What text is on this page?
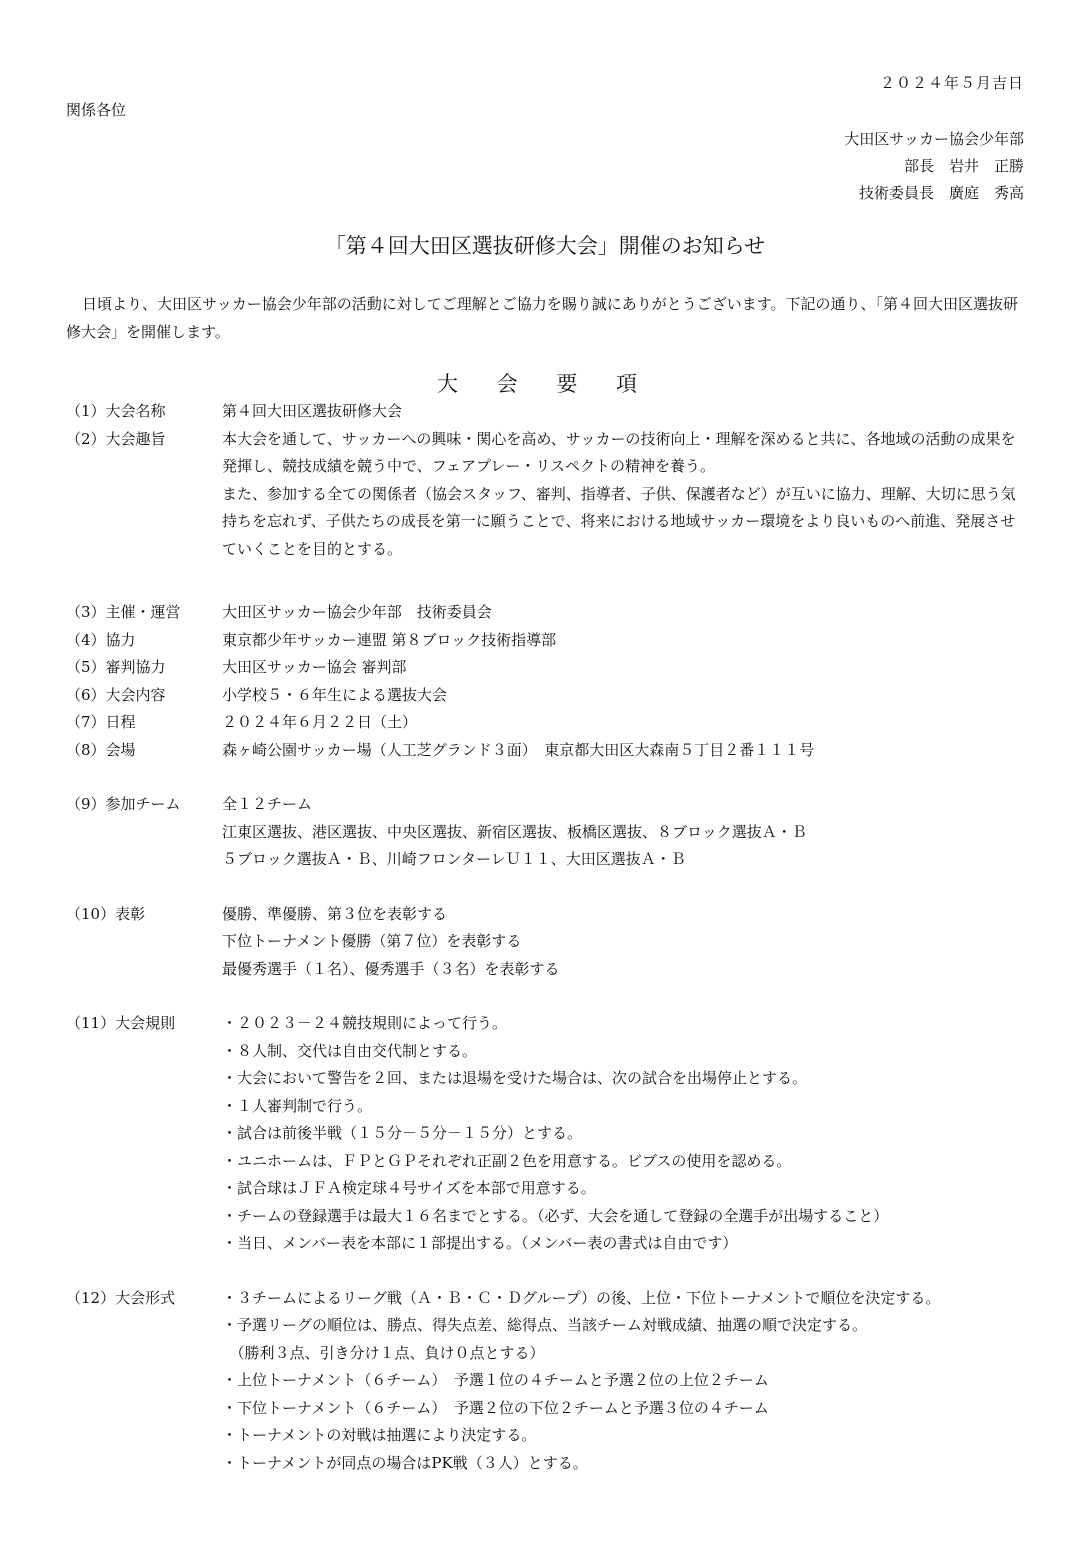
２０２４年５月吉日
関係各位
大田区サッカー協会少年部
部長　岩井　正勝
技術委員長　廣庭　秀高
「第４回大田区選抜研修大会」開催のお知らせ
日頃より、大田区サッカー協会少年部の活動に対してご理解とご協力を賜り誠にありがとうございます。下記の通り、「第４回大田区選抜研修大会」を開催します。
大 会 要 項
（1）大会名称	第４回大田区選抜研修大会
（2）大会趣旨	本大会を通して、サッカーへの興味・関心を高め、サッカーの技術向上・理解を深めると共に、各地域の活動の成果を発揮し、競技成績を競う中で、フェアプレー・リスペクトの精神を養う。
また、参加する全ての関係者（協会スタッフ、審判、指導者、子供、保護者など）が互いに協力、理解、大切に思う気持ちを忘れず、子供たちの成長を第一に願うことで、将来における地域サッカー環境をより良いものへ前進、発展させていくことを目的とする。
（3）主催・運営	大田区サッカー協会少年部　技術委員会
（4）協力	東京都少年サッカー連盟 第８ブロック技術指導部
（5）審判協力	大田区サッカー協会 審判部
（6）大会内容	小学校５・６年生による選抜大会
（7）日程	２０２４年６月２２日（土）
（8）会場	森ヶ崎公園サッカー場（人工芝グランド３面）　東京都大田区大森南５丁目２番１１１号
（9）参加チーム	全１２チーム
江東区選抜、港区選抜、中央区選抜、新宿区選抜、板橋区選抜、８ブロック選抜Ａ・Ｂ
５ブロック選抜Ａ・Ｂ、川崎フロンターレＵ１１、大田区選抜Ａ・Ｂ
（10）表彰	優勝、準優勝、第３位を表彰する
下位トーナメント優勝（第７位）を表彰する
最優秀選手（１名）、優秀選手（３名）を表彰する
（11）大会規則	・２０２３－２４競技規則によって行う。
・８人制、交代は自由交代制とする。
・大会において警告を２回、または退場を受けた場合は、次の試合を出場停止とする。
・１人審判制で行う。
・試合は前後半戦（１５分－５分－１５分）とする。
・ユニホームは、ＦＰとＧＰそれぞれ正副２色を用意する。ビブスの使用を認める。
・試合球はＪＦＡ検定球４号サイズを本部で用意する。
・チームの登録選手は最大１６名までとする。（必ず、大会を通して登録の全選手が出場すること）
・当日、メンバー表を本部に１部提出する。（メンバー表の書式は自由です）
（12）大会形式	・３チームによるリーグ戦（Ａ・Ｂ・Ｃ・Ｄグループ）の後、上位・下位トーナメントで順位を決定する。
・予選リーグの順位は、勝点、得失点差、総得点、当該チーム対戦成績、抽選の順で決定する。
　（勝利３点、引き分け１点、負け０点とする）
・上位トーナメント（６チーム）　予選１位の４チームと予選２位の上位２チーム
・下位トーナメント（６チーム）　予選２位の下位２チームと予選３位の４チーム
・トーナメントの対戦は抽選により決定する。
・トーナメントが同点の場合はPK戦（３人）とする。
